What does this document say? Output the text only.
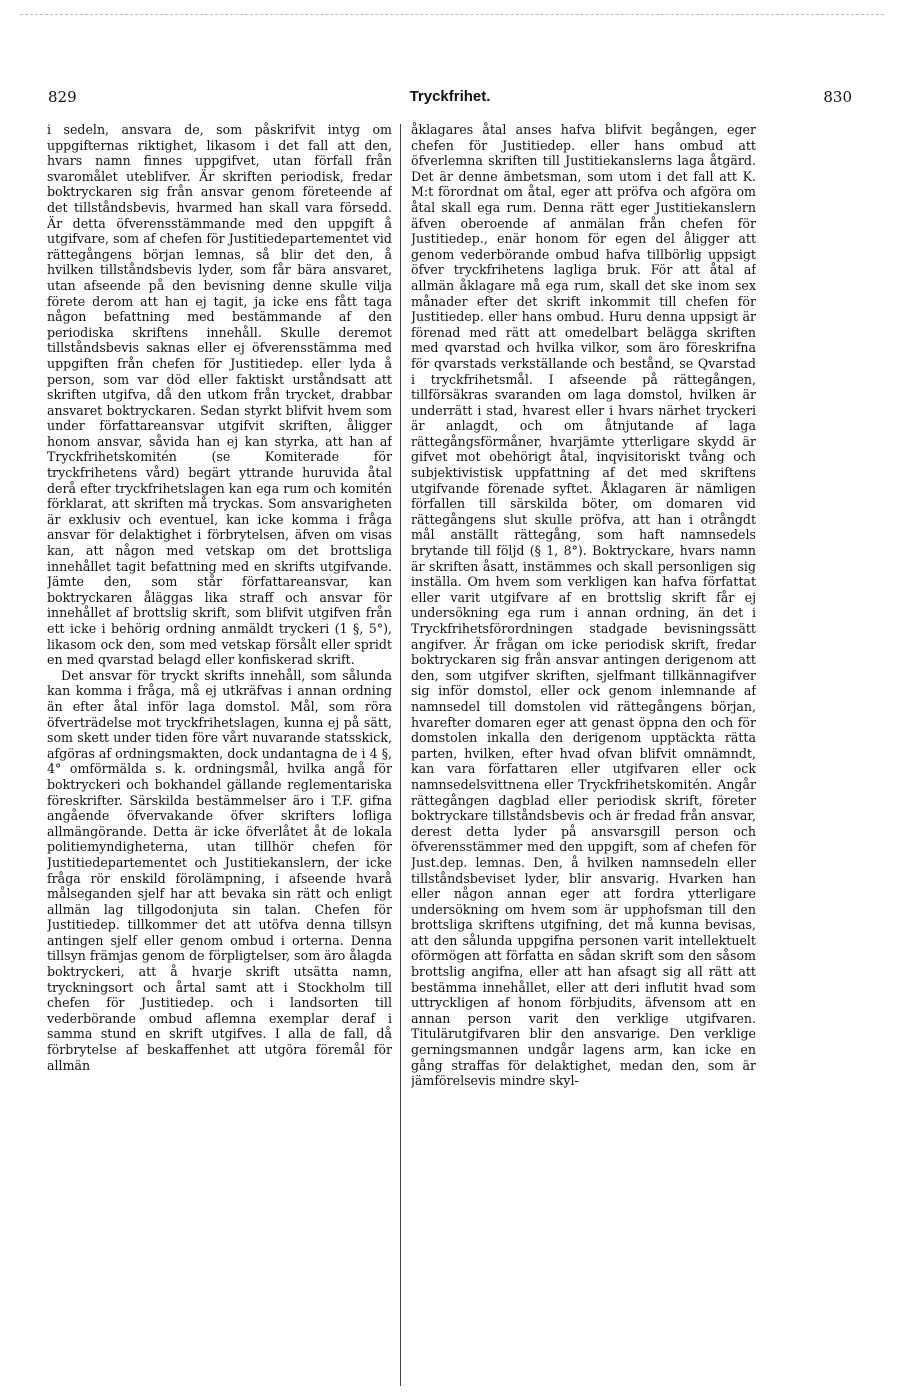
829	Tryckfrihet.	830

i sedeln, ansvara de, som påskrifvit intyg om uppgifternas riktighet, likasom i det fall att den, hvars namn finnes uppgifvet, utan förfall från svaromålet uteblifver. Är skriften periodisk, fredar boktryckaren sig från ansvar genom företeende af det tillståndsbevis, hvarmed han skall vara försedd. Är detta öfverensstämmande med den uppgift å utgifvare, som af chefen för Justitiedepartementet vid rättegångens början lemnas, så blir det den, å hvilken tillståndsbevis lyder, som får bära ansvaret, utan afseende på den bevisning denne skulle vilja förete derom att han ej tagit, ja icke ens fått taga någon befattning med bestämmande af den periodiska skriftens innehåll. Skulle deremot tillståndsbevis saknas eller ej öfverensstämma med uppgiften från chefen för Justitiedep. eller lyda å person, som var död eller faktiskt urståndsatt att skriften utgifva, då den utkom från trycket, drabbar ansvaret boktryckaren. Sedan styrkt blifvit hvem som under författareansvar utgifvit skriften, åligger honom ansvar, såvida han ej kan styrka, att han af Tryckfrihetskomitén (se Komiterade för tryckfrihetens vård) begärt yttrande huruvida åtal derå efter tryckfrihetslagen kan ega rum och komitén förklarat, att skriften må tryckas. Som ansvarigheten är exklusiv och eventuel, kan icke komma i fråga ansvar för delaktighet i förbrytelsen, äfven om visas kan, att någon med vetskap om det brottsliga innehållet tagit befattning med en skrifts utgifvande. Jämte den, som står författareansvar, kan boktryckaren åläggas lika straff och ansvar för innehållet af brottslig skrift, som blifvit utgifven från ett icke i behörig ordning anmäldt tryckeri (1 §, 5°), likasom ock den, som med vetskap försålt eller spridt en med qvarstad belagd eller konfiskerad skrift.

Det ansvar för tryckt skrifts innehåll, som sålunda kan komma i fråga, må ej utkräfvas i annan ordning än efter åtal inför laga domstol. Mål, som röra öfverträdelse mot tryckfrihetslagen, kunna ej på sätt, som skett under tiden före vårt nuvarande statsskick, afgöras af ordningsmakten, dock undantagna de i 4 §, 4° omförmälda s. k. ordningsmål, hvilka angå för boktryckeri och bokhandel gällande reglementariska föreskrifter. Särskilda bestämmelser äro i T.F. gifna angående öfvervakande öfver skrifters lofliga allmängörande. Detta är icke öfverlåtet åt de lokala politiemyndigheterna, utan tillhör chefen för Justitiedepartementet och Justitiekanslern, der icke fråga rör enskild förolämpning, i afseende hvarå målseganden sjelf har att bevaka sin rätt och enligt allmän lag tillgodonjuta sin talan. Chefen för Justitiedep. tillkommer det att utöfva denna tillsyn antingen sjelf eller genom ombud i orterna. Denna tillsyn främjas genom de förpligtelser, som äro ålagda boktryckeri, att å hvarje skrift utsätta namn, tryckningsort och årtal samt att i Stockholm till chefen för Justitiedep. och i landsorten till vederbörande ombud aflemna exemplar deraf i samma stund en skrift utgifves. I alla de fall, då förbrytelse af beskaffenhet att utgöra föremål för allmän

åklagares åtal anses hafva blifvit begången, eger chefen för Justitiedep. eller hans ombud att öfverlemna skriften till Justitiekanslerns laga åtgärd. Det är denne ämbetsman, som utom i det fall att K. M:t förordnat om åtal, eger att pröfva och afgöra om åtal skall ega rum. Denna rätt eger Justitiekanslern äfven oberoende af anmälan från chefen för Justitiedep., enär honom för egen del åligger att genom vederbörande ombud hafva tillbörlig uppsigt öfver tryckfrihetens lagliga bruk. För att åtal af allmän åklagare må ega rum, skall det ske inom sex månader efter det skrift inkommit till chefen för Justitiedep. eller hans ombud. Huru denna uppsigt är förenad med rätt att omedelbart belägga skriften med qvarstad och hvilka vilkor, som äro föreskrifna för qvarstads verkställande och bestånd, se Qvarstad i tryckfrihetsmål. I afseende på rättegången, tillförsäkras svaranden om laga domstol, hvilken är underrätt i stad, hvarest eller i hvars närhet tryckeri är anlagdt, och om åtnjutande af laga rättegångsförmåner, hvarjämte ytterligare skydd är gifvet mot obehörigt åtal, inqvisitoriskt tvång och subjektivistisk uppfattning af det med skriftens utgifvande förenade syftet. Åklagaren är nämligen förfallen till särskilda böter, om domaren vid rättegångens slut skulle pröfva, att han i otrångdt mål anställt rättegång, som haft namnsedels brytande till följd (§ 1, 8°). Boktryckare, hvars namn är skriften åsatt, instämmes och skall personligen sig inställa. Om hvem som verkligen kan hafva författat eller varit utgifvare af en brottslig skrift får ej undersökning ega rum i annan ordning, än det i Tryckfrihetsförordningen stadgade bevisningssätt angifver. Är frågan om icke periodisk skrift, fredar boktryckaren sig från ansvar antingen derigenom att den, som utgifver skriften, sjelfmant tillkännagifver sig inför domstol, eller ock genom inlemnande af namnsedel till domstolen vid rättegångens början, hvarefter domaren eger att genast öppna den och för domstolen inkalla den derigenom upptäckta rätta parten, hvilken, efter hvad ofvan blifvit omnämndt, kan vara författaren eller utgifvaren eller ock namnsedelsvittnena eller Tryckfrihetskomitén. Angår rättegången dagblad eller periodisk skrift, företer boktryckare tillståndsbevis och är fredad från ansvar, derest detta lyder på ansvarsgill person och öfverensstämmer med den uppgift, som af chefen för Just.dep. lemnas. Den, å hvilken namnsedeln eller tillståndsbeviset lyder, blir ansvarig. Hvarken han eller någon annan eger att fordra ytterligare undersökning om hvem som är upphofsman till den brottsliga skriftens utgifning, det må kunna bevisas, att den sålunda uppgifna personen varit intellektuelt oförmögen att författa en sådan skrift som den såsom brottslig angifna, eller att han afsagt sig all rätt att bestämma innehållet, eller att deri influtit hvad som uttryckligen af honom förbjudits, äfvensom att en annan person varit den verklige utgifvaren. Titulärutgifvaren blir den ansvarige. Den verklige gerningsmannen undgår lagens arm, kan icke en gång straffas för delaktighet, medan den, som är jämförelsevis mindre skyl-
